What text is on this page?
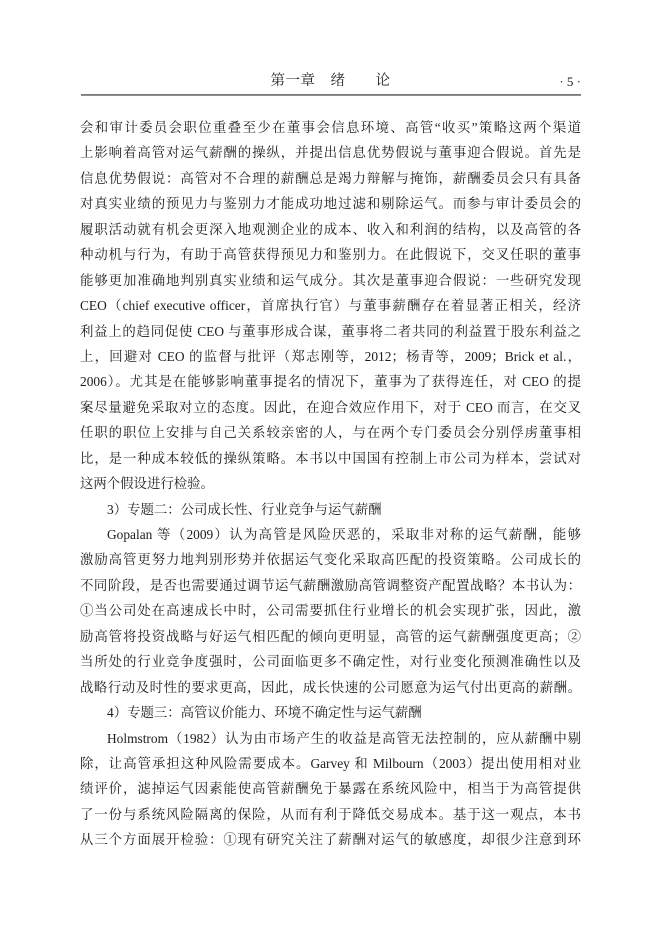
第一章　绪　　论	· 5 ·
会和审计委员会职位重叠至少在董事会信息环境、高管“收买”策略这两个渠道
上影响着高管对运气薪酬的操纵，并提出信息优势假说与董事迎合假说。首先是
信息优势假说：高管对不合理的薪酬总是竭力辩解与掩饰，薪酬委员会只有具备
对真实业绩的预见力与鉴别力才能成功地过滤和剔除运气。而参与审计委员会的
履职活动就有机会更深入地观测企业的成本、收入和利润的结构，以及高管的各
种动机与行为，有助于高管获得预见力和鉴别力。在此假说下，交叉任职的董事
能够更加准确地判别真实业绩和运气成分。其次是董事迎合假说：一些研究发现
CEO（chief executive officer，首席执行官）与董事薪酬存在着显著正相关，经济
利益上的趋同促使 CEO 与董事形成合谋，董事将二者共同的利益置于股东利益之
上，回避对 CEO 的监督与批评（郑志刚等，2012；杨青等，2009；Brick et al.，
2006）。尤其是在能够影响董事提名的情况下，董事为了获得连任，对 CEO 的提
案尽量避免采取对立的态度。因此，在迎合效应作用下，对于 CEO 而言，在交叉
任职的职位上安排与自己关系较亲密的人，与在两个专门委员会分别俘虏董事相
比，是一种成本较低的操纵策略。本书以中国国有控制上市公司为样本，尝试对
这两个假设进行检验。
3）专题二：公司成长性、行业竞争与运气薪酬
Gopalan 等（2009）认为高管是风险厌恶的，采取非对称的运气薪酬，能够
激励高管更努力地判别形势并依据运气变化采取高匹配的投资策略。公司成长的
不同阶段，是否也需要通过调节运气薪酬激励高管调整资产配置战略？本书认为：
①当公司处在高速成长中时，公司需要抓住行业增长的机会实现扩张，因此，激
励高管将投资战略与好运气相匹配的倾向更明显，高管的运气薪酬强度更高；②
当所处的行业竞争度强时，公司面临更多不确定性，对行业变化预测准确性以及
战略行动及时性的要求更高，因此，成长快速的公司愿意为运气付出更高的薪酬。
4）专题三：高管议价能力、环境不确定性与运气薪酬
Holmstrom（1982）认为由市场产生的收益是高管无法控制的，应从薪酬中剔
除，让高管承担这种风险需要成本。Garvey 和 Milbourn（2003）提出使用相对业
绩评价，滤掉运气因素能使高管薪酬免于暴露在系统风险中，相当于为高管提供
了一份与系统风险隔离的保险，从而有利于降低交易成本。基于这一观点，本书
从三个方面展开检验：①现有研究关注了薪酬对运气的敏感度，却很少注意到环
